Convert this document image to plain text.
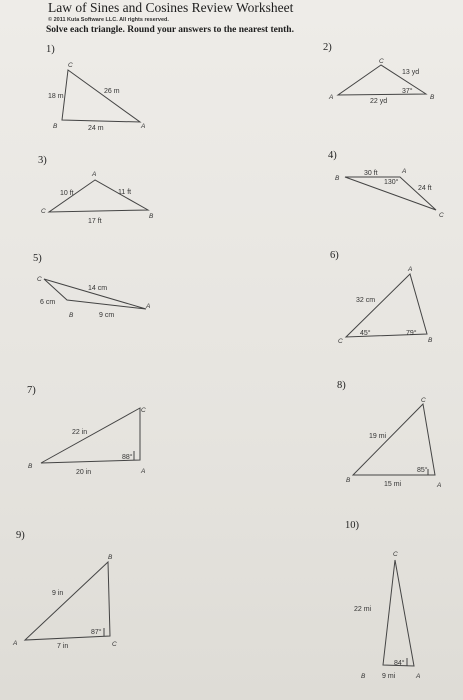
Law of Sines and Cosines Review Worksheet
© 2011 Kuta Software LLC. All rights reserved.
Solve each triangle. Round your answers to the nearest tenth.
1)	2)
3)	4)
5)	6)
7)	8)
9)
10)
C
B	A
18 m
26 m
24 m
C
A	B
13 yd
37°
22 yd
A
C
B
10 ft	11 ft
17 ft
B
A
C
30 ft
130°
24 ft
C
B
A
14 cm
6 cm
9 cm
A
C	B
32 cm
45°	79°
C
B
A
22 in
20 in
88°
C
B
A
19 mi
15 mi
85°
B
A	C
9 in
7 in
87°
C
B	A
22 mi
9 mi
84°
